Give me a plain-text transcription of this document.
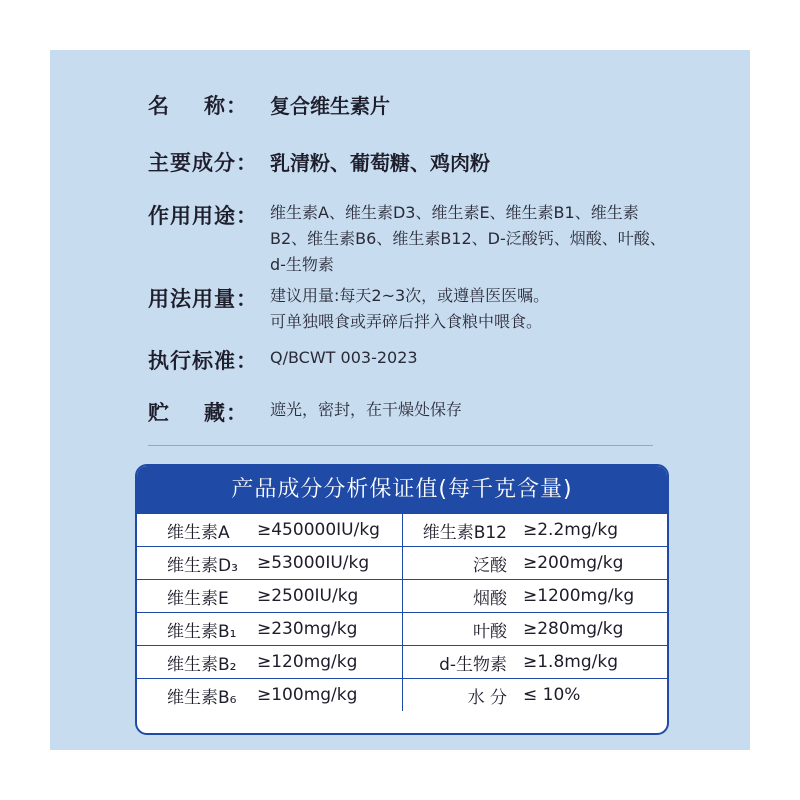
名 称： 复合维生素片
主要成分： 乳清粉、葡萄糖、鸡肉粉
作用用途： 维生素A、维生素D3、维生素E、维生素B1、维生素B2、维生素B6、维生素B12、D-泛酸钙、烟酸、叶酸、d-生物素
用法用量： 建议用量:每天2~3次，或遵兽医医嘱。
可单独喂食或弄碎后拌入食粮中喂食。
执行标准： Q/BCWT 003-2023
贮 藏： 遮光，密封，在干燥处保存
产品成分分析保证值(每千克含量)
维生素A ≥450000IU/kg	维生素B12 ≥2.2mg/kg

维生素D₃ ≥53000IU/kg	泛酸 ≥200mg/kg

维生素E ≥2500IU/kg	烟酸 ≥1200mg/kg

维生素B₁ ≥230mg/kg	叶酸 ≥280mg/kg

维生素B₂ ≥120mg/kg	d-生物素 ≥1.8mg/kg

维生素B₆ ≥100mg/kg	水 分 ≤ 10%
